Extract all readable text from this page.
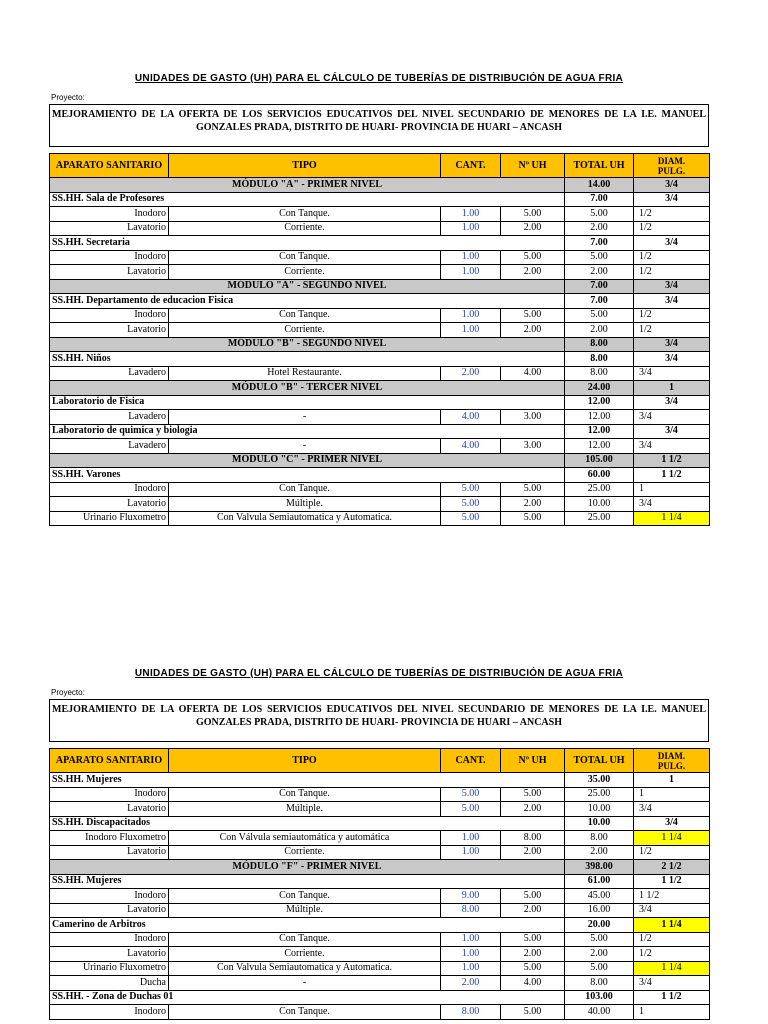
UNIDADES DE GASTO (UH) PARA EL CÁLCULO DE TUBERÍAS DE DISTRIBUCIÓN DE AGUA FRIA
Proyecto:
MEJORAMIENTO DE LA OFERTA DE LOS SERVICIOS EDUCATIVOS DEL NIVEL SECUNDARIO DE MENORES DE LA I.E. MANUEL
GONZALES PRADA, DISTRITO DE HUARI- PROVINCIA DE HUARI – ANCASH
APARATO SANITARIO	TIPO	CANT.	Nº UH	TOTAL UH	DIAM.
PULG.

MÓDULO "A" - PRIMER NIVEL				14.00	3/4
SS.HH. Sala de Profesores				7.00	3/4
Inodoro	Con Tanque.	1.00	5.00	5.00	1/2
Lavatorio	Corriente.	1.00	2.00	2.00	1/2
SS.HH. Secretaria				7.00	3/4
Inodoro	Con Tanque.	1.00	5.00	5.00	1/2
Lavatorio	Corriente.	1.00	2.00	2.00	1/2
MÓDULO "A" - SEGUNDO NIVEL				7.00	3/4
SS.HH. Departamento de educacion Fisica				7.00	3/4
Inodoro	Con Tanque.	1.00	5.00	5.00	1/2
Lavatorio	Corriente.	1.00	2.00	2.00	1/2
MÓDULO "B" - SEGUNDO NIVEL				8.00	3/4
SS.HH. Niños				8.00	3/4
Lavadero	Hotel Restaurante.	2.00	4.00	8.00	3/4
MÓDULO "B" - TERCER NIVEL				24.00	1
Laboratorio de Fisica				12.00	3/4
Lavadero	-	4.00	3.00	12.00	3/4
Laboratorio de quimica y biologia				12.00	3/4
Lavadero	-	4.00	3.00	12.00	3/4
MÓDULO "C" - PRIMER NIVEL				105.00	1 1/2
SS.HH. Varones				60.00	1 1/2
Inodoro	Con Tanque.	5.00	5.00	25.00	1
Lavatorio	Múltiple.	5.00	2.00	10.00	3/4
Urinario Fluxometro	Con Valvula Semiautomatica y Automatica.	5.00	5.00	25.00	1 1/4
UNIDADES DE GASTO (UH) PARA EL CÁLCULO DE TUBERÍAS DE DISTRIBUCIÓN DE AGUA FRIA
Proyecto:
MEJORAMIENTO DE LA OFERTA DE LOS SERVICIOS EDUCATIVOS DEL NIVEL SECUNDARIO DE MENORES DE LA I.E. MANUEL
GONZALES PRADA, DISTRITO DE HUARI- PROVINCIA DE HUARI – ANCASH
APARATO SANITARIO	TIPO	CANT.	Nº UH	TOTAL UH	DIAM.
PULG.

SS.HH. Mujeres				35.00	1
Inodoro	Con Tanque.	5.00	5.00	25.00	1
Lavatorio	Múltiple.	5.00	2.00	10.00	3/4
SS.HH. Discapacitados				10.00	3/4
Inodoro Fluxometro	Con Válvula semiautomática y automática	1.00	8.00	8.00	1 1/4
Lavatorio	Corriente.	1.00	2.00	2.00	1/2
MÓDULO "F" - PRIMER NIVEL				398.00	2 1/2
SS.HH. Mujeres				61.00	1 1/2
Inodoro	Con Tanque.	9.00	5.00	45.00	1 1/2
Lavatorio	Múltiple.	8.00	2.00	16.00	3/4
Camerino de Arbitros				20.00	1 1/4
Inodoro	Con Tanque.	1.00	5.00	5.00	1/2
Lavatorio	Corriente.	1.00	2.00	2.00	1/2
Urinario Fluxometro	Con Valvula Semiautomatica y Automatica.	1.00	5.00	5.00	1 1/4
Ducha	-	2.00	4.00	8.00	3/4
SS.HH. - Zona de Duchas 01				103.00	1 1/2
Inodoro	Con Tanque.	8.00	5.00	40.00	1
